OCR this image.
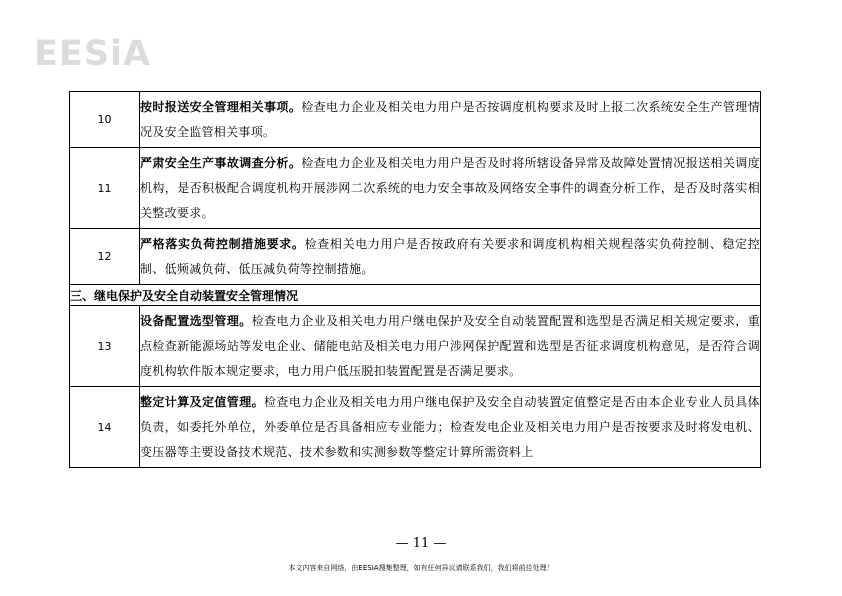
EESiA
10	按时报送安全管理相关事项。检查电力企业及相关电力用户是否按调度机构要求及时上报二次系统安全生产管理情况及安全监管相关事项。
11	严肃安全生产事故调查分析。检查电力企业及相关电力用户是否及时将所辖设备异常及故障处置情况报送相关调度机构，是否积极配合调度机构开展涉网二次系统的电力安全事故及网络安全事件的调查分析工作，是否及时落实相关整改要求。
12	严格落实负荷控制措施要求。检查相关电力用户是否按政府有关要求和调度机构相关规程落实负荷控制、稳定控制、低频减负荷、低压减负荷等控制措施。
三、继电保护及安全自动装置安全管理情况	
13	设备配置选型管理。检查电力企业及相关电力用户继电保护及安全自动装置配置和选型是否满足相关规定要求，重点检查新能源场站等发电企业、储能电站及相关电力用户涉网保护配置和选型是否征求调度机构意见，是否符合调度机构软件版本规定要求，电力用户低压脱扣装置配置是否满足要求。
14	整定计算及定值管理。检查电力企业及相关电力用户继电保护及安全自动装置定值整定是否由本企业专业人员具体负责，如委托外单位，外委单位是否具备相应专业能力；检查发电企业及相关电力用户是否按要求及时将发电机、变压器等主要设备技术规范、技术参数和实测参数等整定计算所需资料上
— 11 —
本文内容来自网络，由EESIA搜集整理，如有任何异议请联系我们，我们将前往处理！
